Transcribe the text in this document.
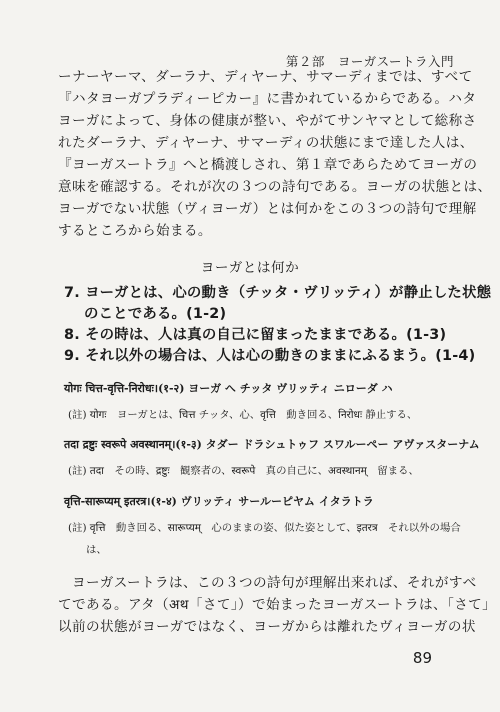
第２部　ヨーガスートラ入門

ーナーヤーマ、ダーラナ、ディヤーナ、サマーディまでは、すべて

『ハタヨーガプラディーピカー』に書かれているからである。ハタ

ヨーガによって、身体の健康が整い、やがてサンヤマとして総称さ

れたダーラナ、ディヤーナ、サマーディの状態にまで達した人は、

『ヨーガスートラ』へと橋渡しされ、第１章であらためてヨーガの

意味を確認する。それが次の３つの詩句である。ヨーガの状態とは、

ヨーガでない状態（ヴィヨーガ）とは何かをこの３つの詩句で理解

するところから始まる。

ヨーガとは何か
7. ヨーガとは、心の動き（チッタ・ヴリッティ）が静止した状態
のことである。(1-2)
8. その時は、人は真の自己に留まったままである。(1-3)
9. それ以外の場合は、人は心の動きのままにふるまう。(1-4)
योगः चित्त-वृत्ति-निरोधः।(१-२) ヨーガ ヘ チッタ ヴリッティ ニローダ ハ
(註) योगः　ヨーガとは、चित्त チッタ、心、वृत्ति　動き回る、निरोधः 静止する、
तदा द्रष्टुः स्वरूपे अवस्थानम्।(१-३) タダー ドラシュトゥフ スワルーペー アヴァスターナム
(註) तदा　その時、द्रष्टुः　観察者の、स्वरूपे　真の自己に、अवस्थानम्　留まる、
वृत्ति-सारूप्यम् इतरत्र।(१-४) ヴリッティ サールーピヤム イタラトラ
(註) वृत्ति　動き回る、सारूप्यम्　心のままの姿、似た姿として、इतरत्र　それ以外の場合
は、

　ヨーガスートラは、この３つの詩句が理解出来れば、それがすべ

てである。アタ（अथ「さて」）で始まったヨーガスートラは、「さて」

以前の状態がヨーガではなく、ヨーガからは離れたヴィヨーガの状

89
